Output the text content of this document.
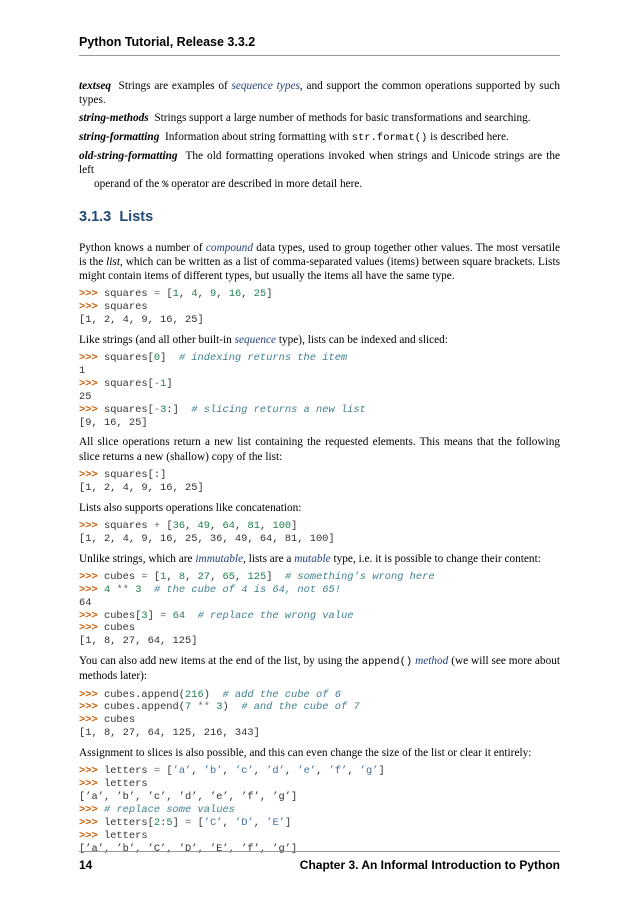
Python Tutorial, Release 3.3.2
textseq Strings are examples of sequence types, and support the common operations supported by such types.
string-methods Strings support a large number of methods for basic transformations and searching.
string-formatting Information about string formatting with str.format() is described here.
old-string-formatting The old formatting operations invoked when strings and Unicode strings are the left
operand of the % operator are described in more detail here.
3.1.3 Lists

Python knows a number of compound data types, used to group together other values. The most versatile is the list, which can be written as a list of comma-separated values (items) between square brackets. Lists might contain items of different types, but usually the items all have the same type.

>>> squares = [1, 4, 9, 16, 25]
>>> squares
[1, 2, 4, 9, 16, 25]

Like strings (and all other built-in sequence type), lists can be indexed and sliced:

>>> squares[0]  # indexing returns the item
1
>>> squares[-1]
25
>>> squares[-3:]  # slicing returns a new list
[9, 16, 25]

All slice operations return a new list containing the requested elements. This means that the following slice returns a new (shallow) copy of the list:

>>> squares[:]
[1, 2, 4, 9, 16, 25]

Lists also supports operations like concatenation:

>>> squares + [36, 49, 64, 81, 100]
[1, 2, 4, 9, 16, 25, 36, 49, 64, 81, 100]

Unlike strings, which are immutable, lists are a mutable type, i.e. it is possible to change their content:

>>> cubes = [1, 8, 27, 65, 125]  # something’s wrong here
>>> 4 ** 3 # the cube of 4 is 64, not 65!
64
>>> cubes[3] = 64 # replace the wrong value
>>> cubes
[1, 8, 27, 64, 125]

You can also add new items at the end of the list, by using the append() method (we will see more about methods later):

>>> cubes.append(216)  # add the cube of 6
>>> cubes.append(7 ** 3)  # and the cube of 7
>>> cubes
[1, 8, 27, 64, 125, 216, 343]

Assignment to slices is also possible, and this can even change the size of the list or clear it entirely:

>>> letters = [’a’, ’b’, ’c’, ’d’, ’e’, ’f’, ’g’]
>>> letters
[’a’, ’b’, ’c’, ’d’, ’e’, ’f’, ’g’]
>>> # replace some values
>>> letters[2:5] = [’C’, ’D’, ’E’]
>>> letters
[’a’, ’b’, ’C’, ’D’, ’E’, ’f’, ’g’]
14	Chapter 3. An Informal Introduction to Python
